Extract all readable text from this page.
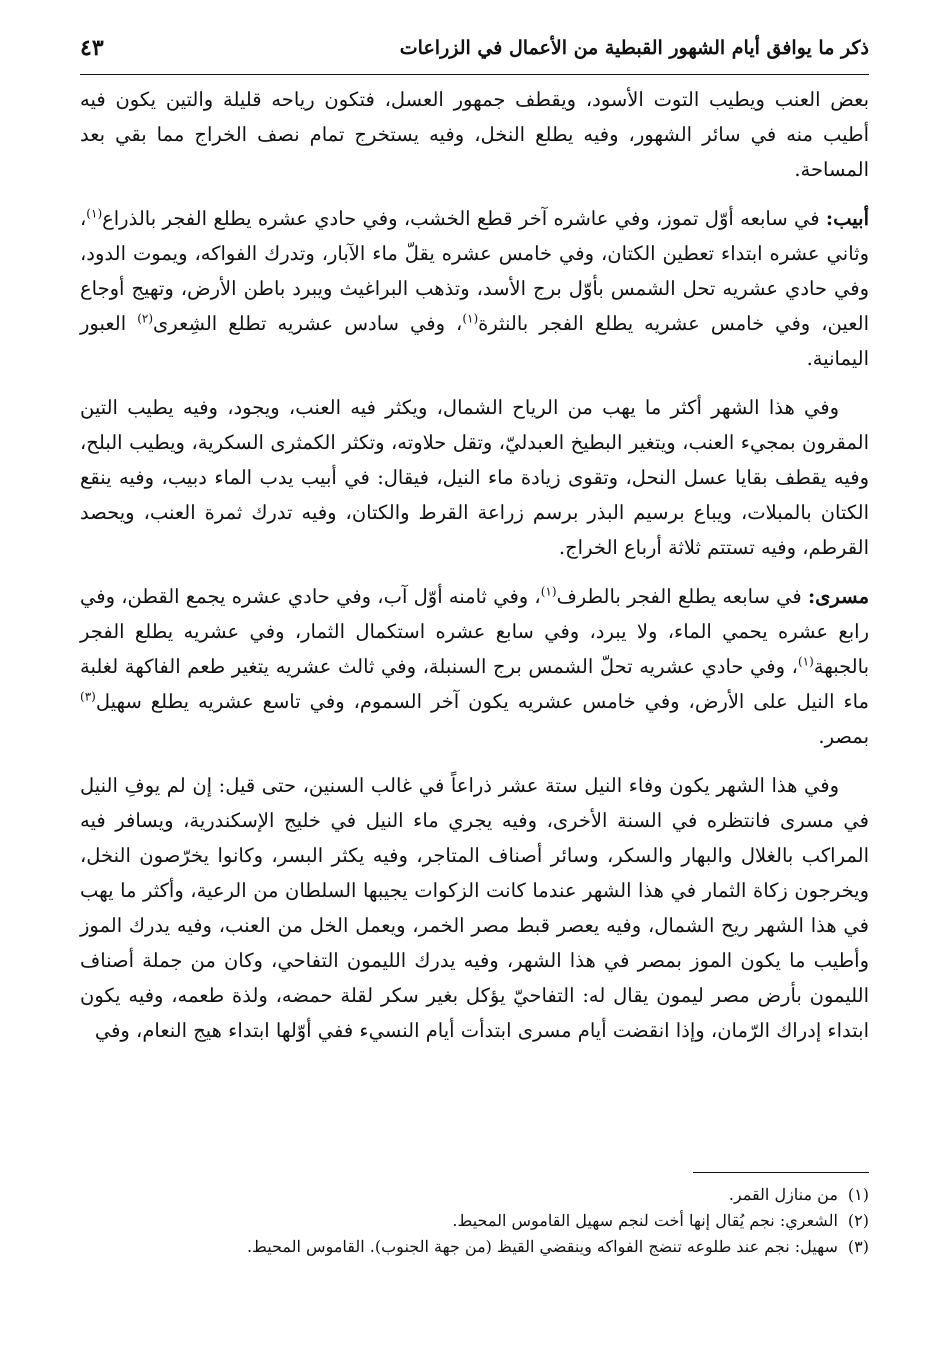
ذكر ما يوافق أيام الشهور القبطية من الأعمال في الزراعات
٤٣

بعض العنب ويطيب التوت الأسود، ويقطف جمهور العسل، فتكون رياحه قليلة والتين يكون فيه أطيب منه في سائر الشهور، وفيه يطلع النخل، وفيه يستخرج تمام نصف الخراج مما بقي بعد المساحة.

أبيب: في سابعه أوّل تموز، وفي عاشره آخر قطع الخشب، وفي حادي عشره يطلع الفجر بالذراع$^{(١)}$، وثاني عشره ابتداء تعطين الكتان، وفي خامس عشره يقلّ ماء الآبار، وتدرك الفواكه، ويموت الدود، وفي حادي عشريه تحل الشمس بأوّل برج الأسد، وتذهب البراغيث ويبرد باطن الأرض، وتهيج أوجاع العين، وفي خامس عشريه يطلع الفجر بالنثرة$^{(١)}$، وفي سادس عشريه تطلع الشِعرى$^{(٢)}$ العبور اليمانية.

وفي هذا الشهر أكثر ما يهب من الرياح الشمال، ويكثر فيه العنب، ويجود، وفيه يطيب التين المقرون بمجيء العنب، ويتغير البطيخ العبدليّ، وتقل حلاوته، وتكثر الكمثرى السكرية، ويطيب البلح، وفيه يقطف بقايا عسل النحل، وتقوى زيادة ماء النيل، فيقال: في أبيب يدب الماء دبيب، وفيه ينقع الكتان بالمبلات، ويباع برسيم البذر برسم زراعة القرط والكتان، وفيه تدرك ثمرة العنب، ويحصد القرطم، وفيه تستتم ثلاثة أرباع الخراج.

مسرى: في سابعه يطلع الفجر بالطرف$^{(١)}$، وفي ثامنه أوّل آب، وفي حادي عشره يجمع القطن، وفي رابع عشره يحمي الماء، ولا يبرد، وفي سابع عشره استكمال الثمار، وفي عشريه يطلع الفجر بالجبهة$^{(١)}$، وفي حادي عشريه تحلّ الشمس برج السنبلة، وفي ثالث عشريه يتغير طعم الفاكهة لغلبة ماء النيل على الأرض، وفي خامس عشريه يكون آخر السموم، وفي تاسع عشريه يطلع سهيل$^{(٣)}$ بمصر.

وفي هذا الشهر يكون وفاء النيل ستة عشر ذراعاً في غالب السنين، حتى قيل: إن لم يوفِ النيل في مسرى فانتظره في السنة الأخرى، وفيه يجري ماء النيل في خليج الإسكندرية، ويسافر فيه المراكب بالغلال والبهار والسكر، وسائر أصناف المتاجر، وفيه يكثر البسر، وكانوا يخرّصون النخل، ويخرجون زكاة الثمار في هذا الشهر عندما كانت الزكوات يجيبها السلطان من الرعية، وأكثر ما يهب في هذا الشهر ريح الشمال، وفيه يعصر قبط مصر الخمر، ويعمل الخل من العنب، وفيه يدرك الموز وأطيب ما يكون الموز بمصر في هذا الشهر، وفيه يدرك الليمون التفاحي، وكان من جملة أصناف الليمون بأرض مصر ليمون يقال له: التفاحيّ يؤكل بغير سكر لقلة حمضه، ولذة طعمه، وفيه يكون ابتداء إدراك الرّمان، وإذا انقضت أيام مسرى ابتدأت أيام النسيء ففي أوّلها ابتداء هيج النعام، وفي

(١)
من منازل القمر.
(٢)
الشعري: نجم يُقال إنها أخت لنجم سهيل القاموس المحيط.
(٣)
سهيل: نجم عند طلوعه تنضج الفواكه وينقضي القيظ (من جهة الجنوب). القاموس المحيط.
